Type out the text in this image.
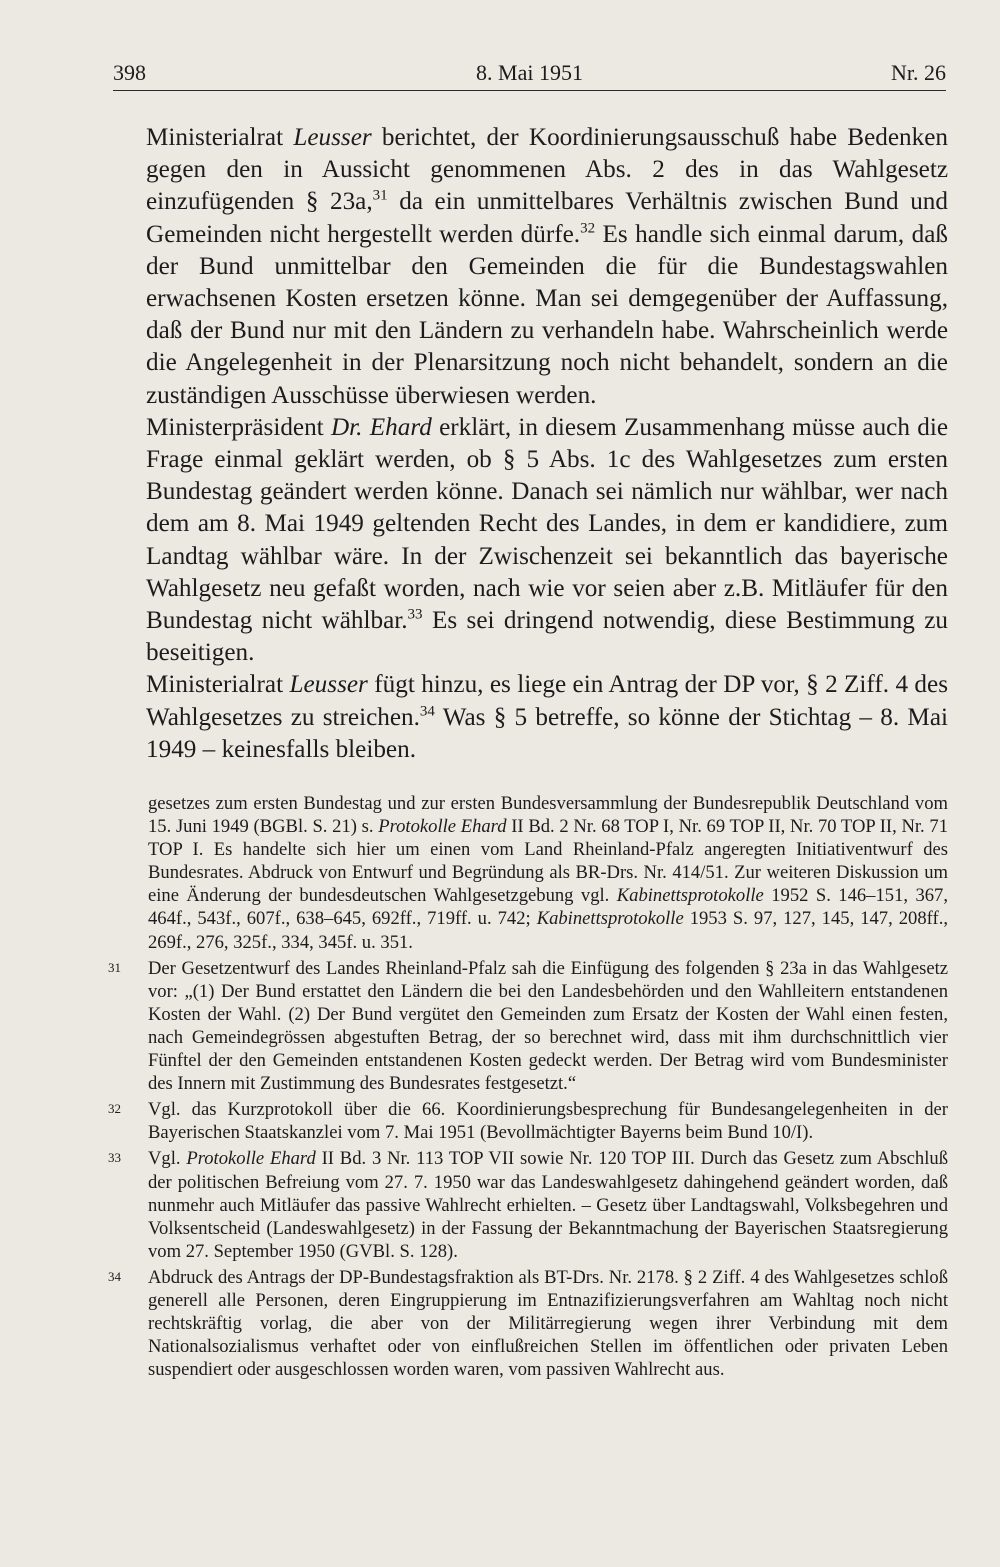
398	8. Mai 1951	Nr. 26

Ministerialrat Leusser berichtet, der Koordinierungsausschuß habe Bedenken gegen den in Aussicht genommenen Abs. 2 des in das Wahlgesetz einzufügenden § 23a,$^{31}$ da ein unmittelbares Verhältnis zwischen Bund und Gemeinden nicht hergestellt werden dürfe.$^{32}$ Es handle sich einmal darum, daß der Bund unmittelbar den Gemeinden die für die Bundestagswahlen erwachsenen Kosten ersetzen könne. Man sei demgegenüber der Auffassung, daß der Bund nur mit den Ländern zu verhandeln habe. Wahrscheinlich werde die Angelegenheit in der Plenarsitzung noch nicht behandelt, sondern an die zuständigen Ausschüsse überwiesen werden.

Ministerpräsident Dr. Ehard erklärt, in diesem Zusammenhang müsse auch die Frage einmal geklärt werden, ob § 5 Abs. 1c des Wahlgesetzes zum ersten Bundestag geändert werden könne. Danach sei nämlich nur wählbar, wer nach dem am 8. Mai 1949 geltenden Recht des Landes, in dem er kandidiere, zum Landtag wählbar wäre. In der Zwischenzeit sei bekanntlich das bayerische Wahlgesetz neu gefaßt worden, nach wie vor seien aber z.B. Mitläufer für den Bundestag nicht wählbar.$^{33}$ Es sei dringend notwendig, diese Bestimmung zu beseitigen.

Ministerialrat Leusser fügt hinzu, es liege ein Antrag der DP vor, § 2 Ziff. 4 des Wahlgesetzes zu streichen.$^{34}$ Was § 5 betreffe, so könne der Stichtag – 8. Mai 1949 – keinesfalls bleiben.

gesetzes zum ersten Bundestag und zur ersten Bundesversammlung der Bundesrepublik Deutschland vom 15. Juni 1949 (BGBl. S. 21) s. Protokolle Ehard II Bd. 2 Nr. 68 TOP I, Nr. 69 TOP II, Nr. 70 TOP II, Nr. 71 TOP I. Es handelte sich hier um einen vom Land Rheinland-Pfalz angeregten Initiativentwurf des Bundesrates. Abdruck von Entwurf und Begründung als BR-Drs. Nr. 414/51. Zur weiteren Diskussion um eine Änderung der bundesdeutschen Wahlgesetzgebung vgl. Kabinettsprotokolle 1952 S. 146–151, 367, 464f., 543f., 607f., 638–645, 692ff., 719ff. u. 742; Kabinettsprotokolle 1953 S. 97, 127, 145, 147, 208ff., 269f., 276, 325f., 334, 345f. u. 351.

31	Der Gesetzentwurf des Landes Rheinland-Pfalz sah die Einfügung des folgenden § 23a in das Wahlgesetz vor: „(1) Der Bund erstattet den Ländern die bei den Landesbehörden und den Wahlleitern entstandenen Kosten der Wahl. (2) Der Bund vergütet den Gemeinden zum Ersatz der Kosten der Wahl einen festen, nach Gemeindegrössen abgestuften Betrag, der so berechnet wird, dass mit ihm durchschnittlich vier Fünftel der den Gemeinden entstandenen Kosten gedeckt werden. Der Betrag wird vom Bundesminister des Innern mit Zustimmung des Bundesrates festgesetzt.“
32	Vgl. das Kurzprotokoll über die 66. Koordinierungsbesprechung für Bundesangelegenheiten in der Bayerischen Staatskanzlei vom 7. Mai 1951 (Bevollmächtigter Bayerns beim Bund 10/I).
33	Vgl. Protokolle Ehard II Bd. 3 Nr. 113 TOP VII sowie Nr. 120 TOP III. Durch das Gesetz zum Abschluß der politischen Befreiung vom 27. 7. 1950 war das Landeswahlgesetz dahingehend geändert worden, daß nunmehr auch Mitläufer das passive Wahlrecht erhielten. – Gesetz über Landtagswahl, Volksbegehren und Volksentscheid (Landeswahlgesetz) in der Fassung der Bekanntmachung der Bayerischen Staatsregierung vom 27. September 1950 (GVBl. S. 128).
34	Abdruck des Antrags der DP-Bundestagsfraktion als BT-Drs. Nr. 2178. § 2 Ziff. 4 des Wahlgesetzes schloß generell alle Personen, deren Eingruppierung im Entnazifizierungsverfahren am Wahltag noch nicht rechtskräftig vorlag, die aber von der Militärregierung wegen ihrer Verbindung mit dem Nationalsozialismus verhaftet oder von einflußreichen Stellen im öffentlichen oder privaten Leben suspendiert oder ausgeschlossen worden waren, vom passiven Wahlrecht aus.
